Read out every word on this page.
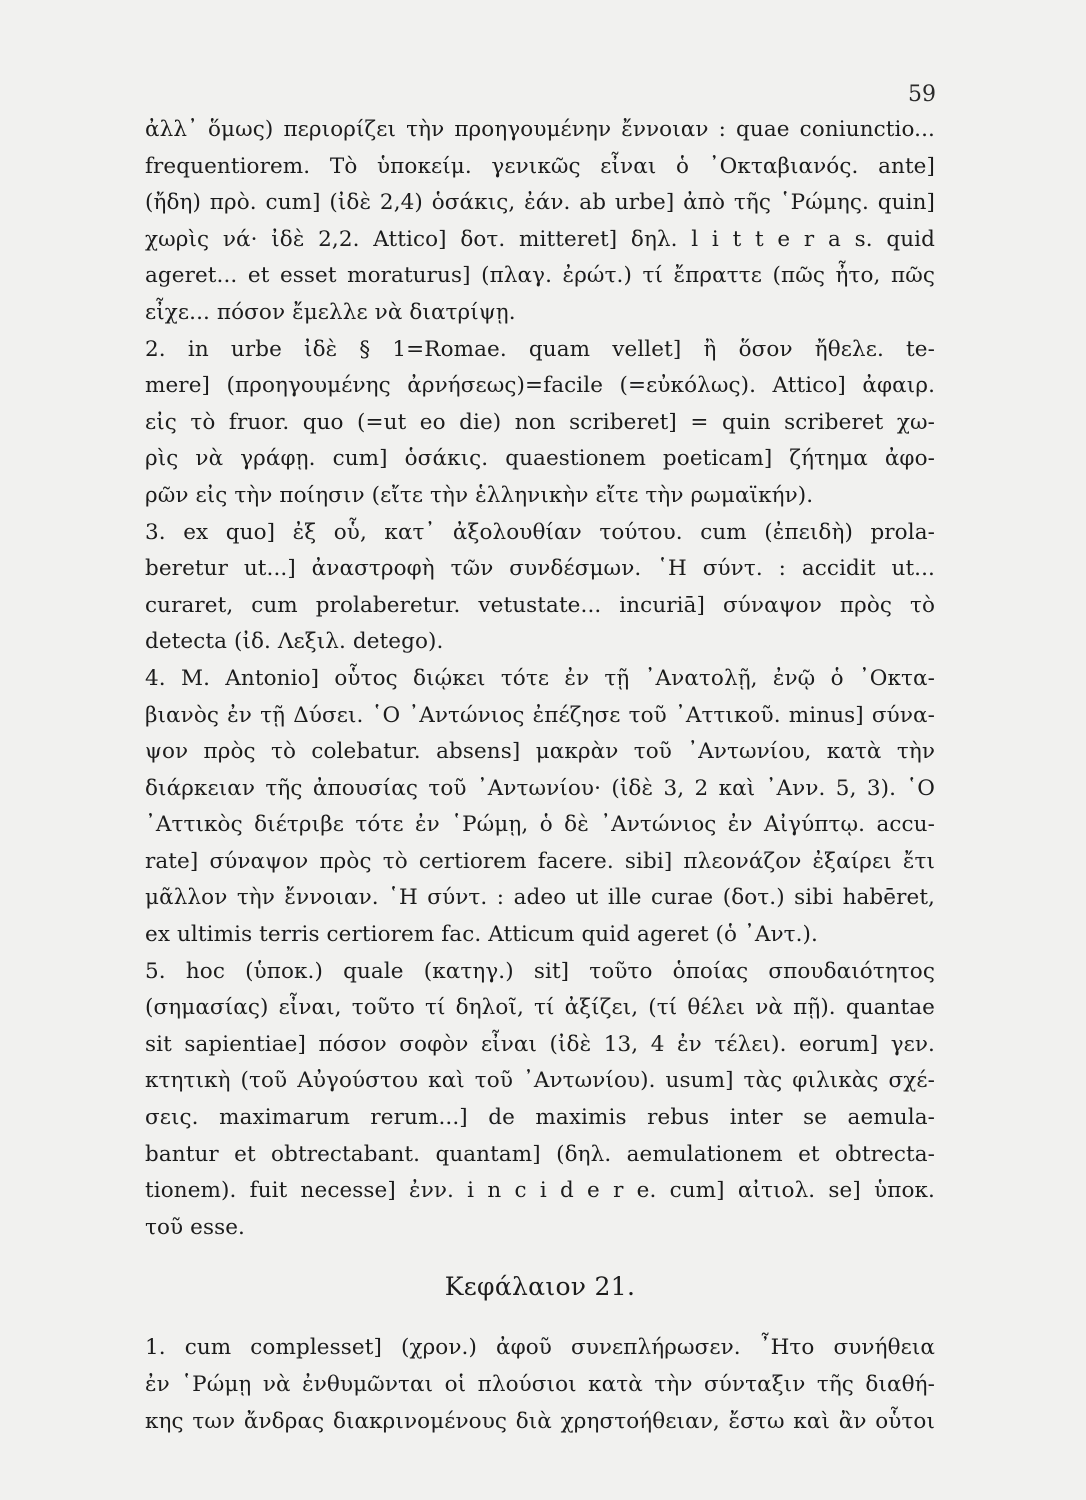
59
ἀλλ᾽ ὅμως) περιορίζει τὴν προηγουμένην ἔννοιαν : quae coniunctio...
frequentiorem. Τὸ ὑποκείμ. γενικῶς εἶναι ὁ ᾽Οκταβιανός. ante]
(ἤδη) πρὸ. cum] (ἰδὲ 2,4) ὁσάκις, ἐάν. ab urbe] ἀπὸ τῆς ῾Ρώμης. quin]
χωρὶς νά· ἰδὲ 2,2. Attico] δοτ. mitteret] δηλ. l i t t e r a s. quid
ageret... et esset moraturus] (πλαγ. ἐρώτ.) τί ἔπραττε (πῶς ἦτο, πῶς
εἶχε... πόσον ἔμελλε νὰ διατρίψῃ.
2. in urbe ἰδὲ § 1=Romae. quam vellet] ἢ ὅσον ἤθελε. te-
mere] (προηγουμένης ἀρνήσεως)=facile (=εὐκόλως). Attico] ἀφαιρ.
εἰς τὸ fruor. quo (=ut eo die) non scriberet] = quin scriberet χω-
ρὶς νὰ γράφῃ. cum] ὁσάκις. quaestionem poeticam] ζήτημα ἀφο-
ρῶν εἰς τὴν ποίησιν (εἴτε τὴν ἑλληνικὴν εἴτε τὴν ρωμαϊκήν).
3. ex quo] ἐξ οὗ, κατ᾽ ἀξολουθίαν τούτου. cum (ἐπειδὴ) prola-
beretur ut...] ἀναστροφὴ τῶν συνδέσμων. ῾Η σύντ. : accidit ut...
curaret, cum prolaberetur. vetustate... incuriā] σύναψον πρὸς τὸ
detecta (ἰδ. Λεξιλ. detego).
4. M. Antonio] οὗτος διῴκει τότε ἐν τῇ ᾽Ανατολῇ, ἐνῷ ὁ ᾽Οκτα-
βιανὸς ἐν τῇ Δύσει. ῾Ο ᾽Αντώνιος ἐπέζησε τοῦ ᾽Αττικοῦ. minus] σύνα-
ψον πρὸς τὸ colebatur. absens] μακρὰν τοῦ ᾽Αντωνίου, κατὰ τὴν
διάρκειαν τῆς ἀπουσίας τοῦ ᾽Αντωνίου· (ἰδὲ 3, 2 καὶ ᾽Ανν. 5, 3). ῾Ο
᾽Αττικὸς διέτριβε τότε ἐν ῾Ρώμῃ, ὁ δὲ ᾽Αντώνιος ἐν Αἰγύπτῳ. accu-
rate] σύναψον πρὸς τὸ certiorem facere. sibi] πλεονάζον ἐξαίρει ἔτι
μᾶλλον τὴν ἔννοιαν. ῾Η σύντ. : adeo ut ille curae (δοτ.) sibi habēret,
ex ultimis terris certiorem fac. Atticum quid ageret (ὁ ᾽Αντ.).
5. hoc (ὑποκ.) quale (κατηγ.) sit] τοῦτο ὁποίας σπουδαιότητος
(σημασίας) εἶναι, τοῦτο τί δηλοῖ, τί ἀξίζει, (τί θέλει νὰ πῇ). quantae
sit sapientiae] πόσον σοφὸν εἶναι (ἰδὲ 13, 4 ἐν τέλει). eorum] γεν.
κτητικὴ (τοῦ Αὐγούστου καὶ τοῦ ᾽Αντωνίου). usum] τὰς φιλικὰς σχέ-
σεις. maximarum rerum...] de maximis rebus inter se aemula-
bantur et obtrectabant. quantam] (δηλ. aemulationem et obtrecta-
tionem). fuit necesse] ἐνν. i n c i d e r e. cum] αἰτιολ. se] ὑποκ.
τοῦ esse.
Κεφάλαιον 21.
1. cum complesset] (χρον.) ἀφοῦ συνεπλήρωσεν. ῏Ητο συνήθεια
ἐν ῾Ρώμῃ νὰ ἐνθυμῶνται οἱ πλούσιοι κατὰ τὴν σύνταξιν τῆς διαθή-
κης των ἄνδρας διακρινομένους διὰ χρηστοήθειαν, ἔστω καὶ ἂν οὗτοι
